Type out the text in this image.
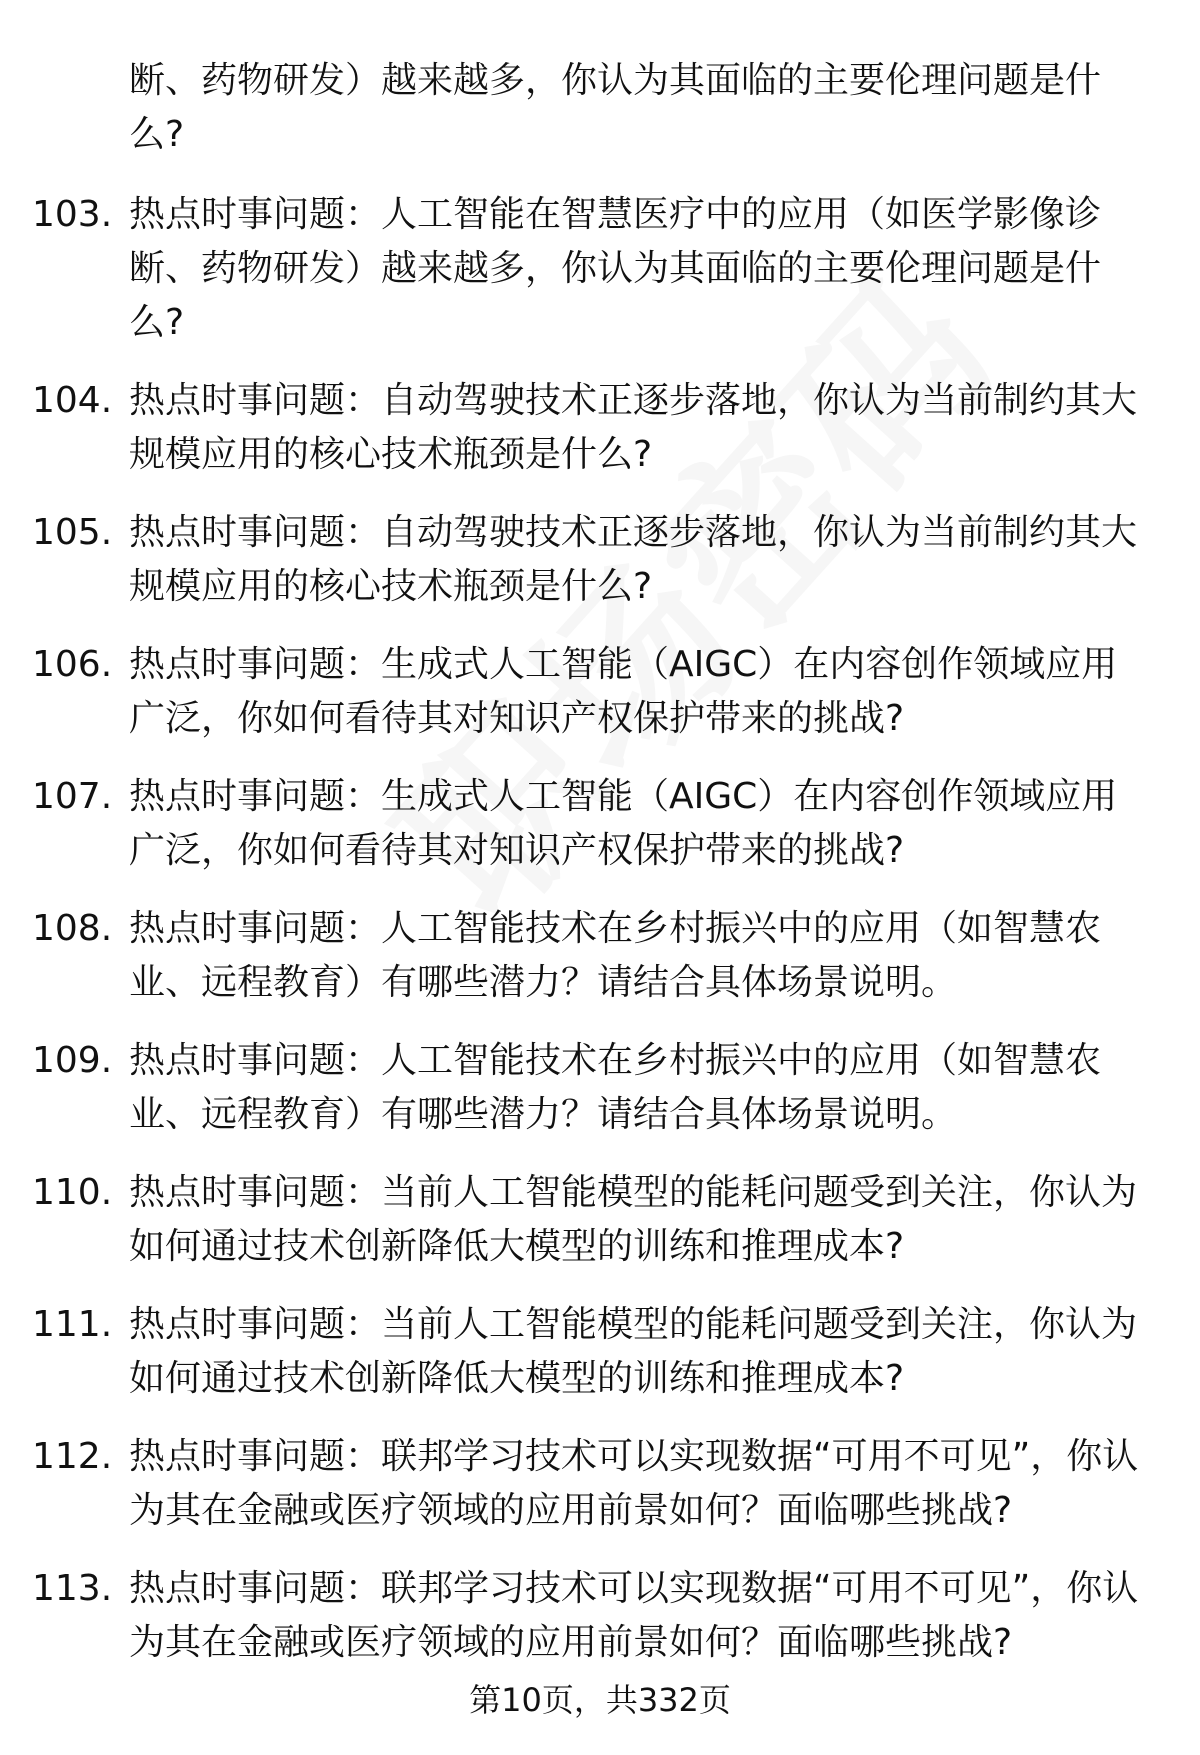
断、药物研发）越来越多，你认为其面临的主要伦理问题是什么?
103. 热点时事问题：人工智能在智慧医疗中的应用（如医学影像诊断、药物研发）越来越多，你认为其面临的主要伦理问题是什么?
104. 热点时事问题：自动驾驶技术正逐步落地，你认为当前制约其大规模应用的核心技术瓶颈是什么?
105. 热点时事问题：自动驾驶技术正逐步落地，你认为当前制约其大规模应用的核心技术瓶颈是什么?
106. 热点时事问题：生成式人工智能（AIGC）在内容创作领域应用广泛，你如何看待其对知识产权保护带来的挑战?
107. 热点时事问题：生成式人工智能（AIGC）在内容创作领域应用广泛，你如何看待其对知识产权保护带来的挑战?
108. 热点时事问题：人工智能技术在乡村振兴中的应用（如智慧农业、远程教育）有哪些潜力？请结合具体场景说明。
109. 热点时事问题：人工智能技术在乡村振兴中的应用（如智慧农业、远程教育）有哪些潜力？请结合具体场景说明。
110. 热点时事问题：当前人工智能模型的能耗问题受到关注，你认为如何通过技术创新降低大模型的训练和推理成本?
111. 热点时事问题：当前人工智能模型的能耗问题受到关注，你认为如何通过技术创新降低大模型的训练和推理成本?
112. 热点时事问题：联邦学习技术可以实现数据“可用不可见”，你认为其在金融或医疗领域的应用前景如何？面临哪些挑战?
113. 热点时事问题：联邦学习技术可以实现数据“可用不可见”，你认为其在金融或医疗领域的应用前景如何？面临哪些挑战?
第10页，共332页
